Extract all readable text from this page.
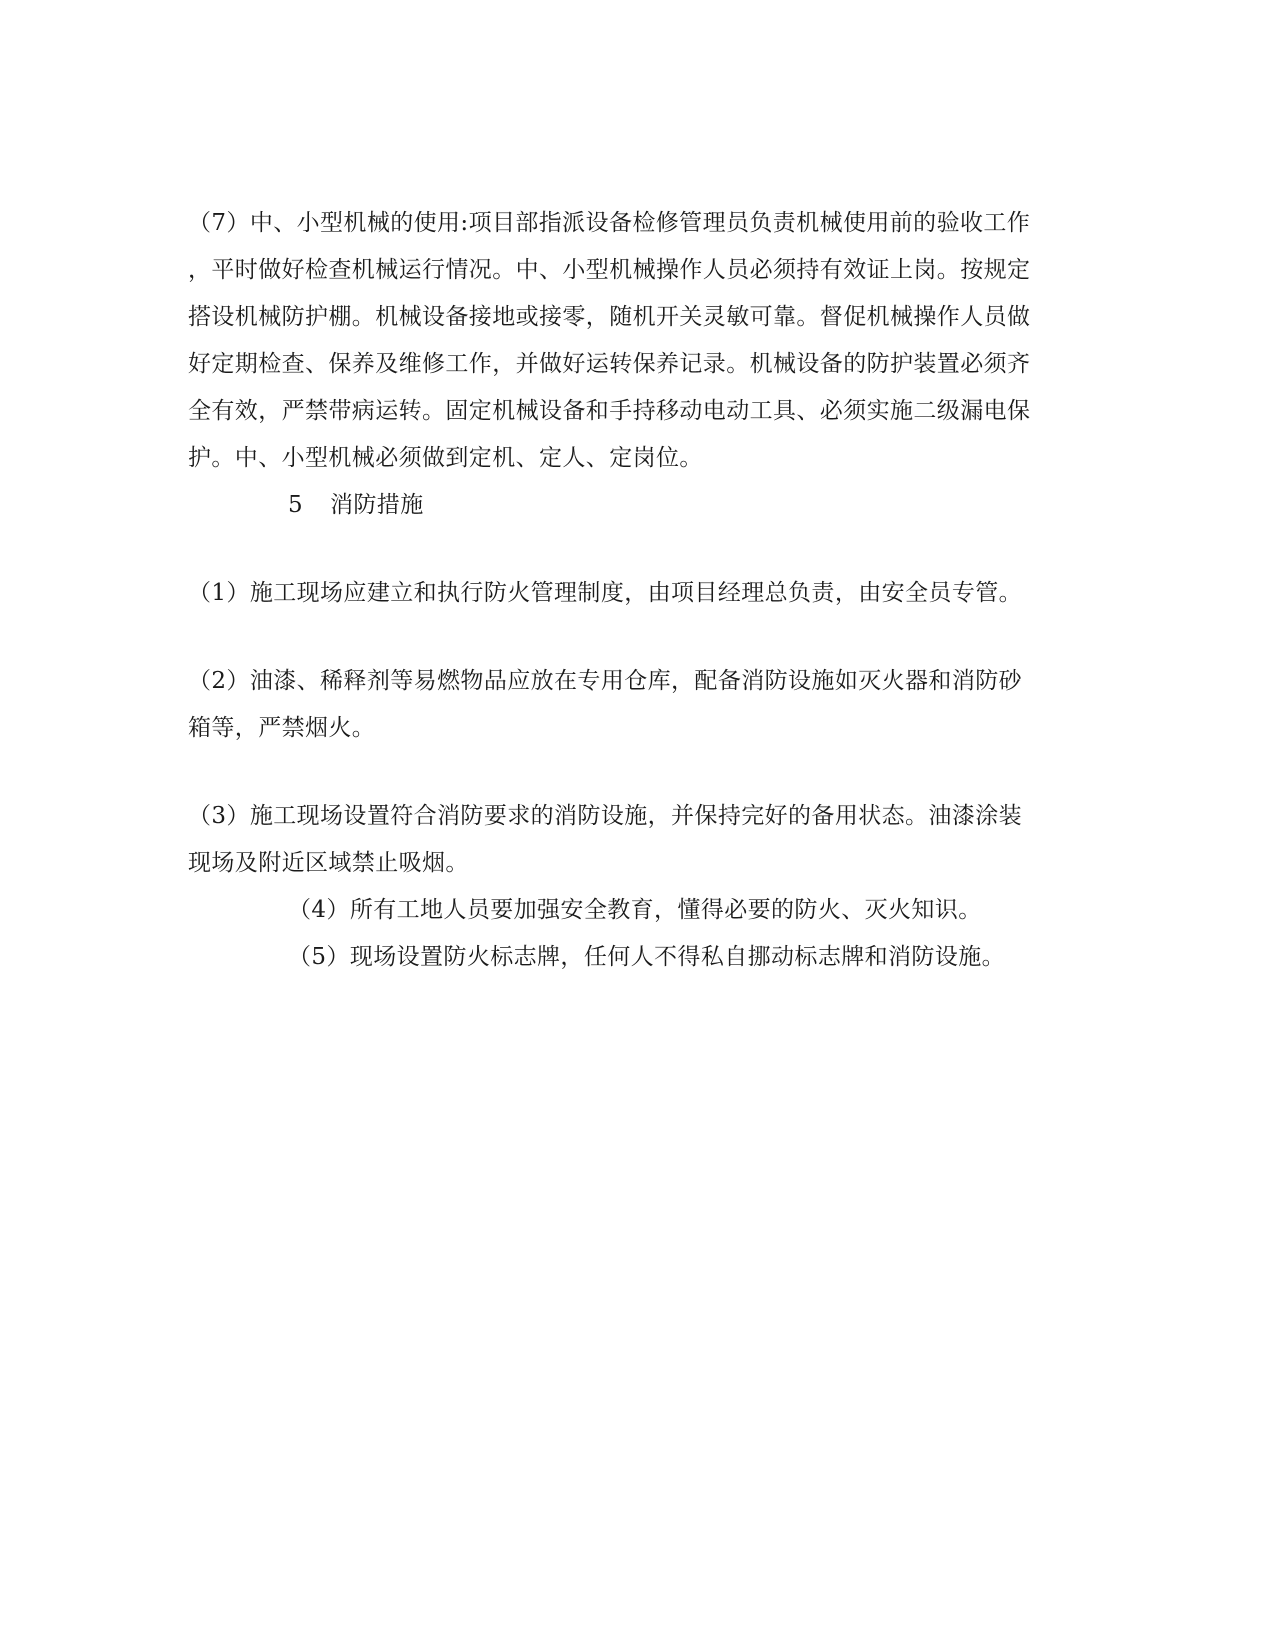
（7）中、小型机械的使用:项目部指派设备检修管理员负责机械使用前的验收工作
，平时做好检查机械运行情况。中、小型机械操作人员必须持有效证上岗。按规定
搭设机械防护棚。机械设备接地或接零，随机开关灵敏可靠。督促机械操作人员做
好定期检查、保养及维修工作，并做好运转保养记录。机械设备的防护装置必须齐
全有效，严禁带病运转。固定机械设备和手持移动电动工具、必须实施二级漏电保
护。中、小型机械必须做到定机、定人、定岗位。
5 消防措施
（1）施工现场应建立和执行防火管理制度，由项目经理总负责，由安全员专管。
（2）油漆、稀释剂等易燃物品应放在专用仓库，配备消防设施如灭火器和消防砂
箱等，严禁烟火。
（3）施工现场设置符合消防要求的消防设施，并保持完好的备用状态。油漆涂装
现场及附近区域禁止吸烟。
（4）所有工地人员要加强安全教育，懂得必要的防火、灭火知识。
（5）现场设置防火标志牌，任何人不得私自挪动标志牌和消防设施。
